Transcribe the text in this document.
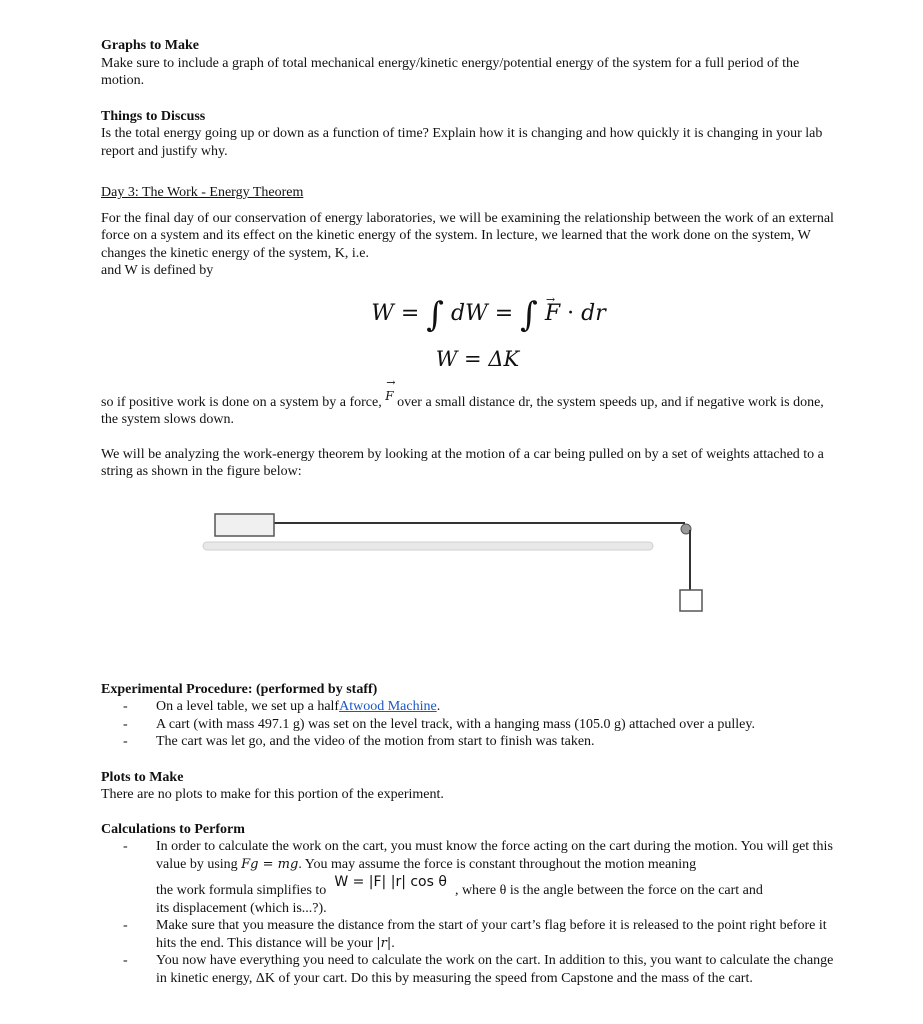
Graphs to Make

Make sure to include a graph of total mechanical energy/kinetic energy/potential energy of the system for a full period of the motion.

Things to Discuss

Is the total energy going up or down as a function of time? Explain how it is changing and how quickly it is changing in your lab report and justify why.

Day 3: The Work - Energy Theorem

For the final day of our conservation of energy laboratories, we will be examining the relationship between the work of an external force on a system and its effect on the kinetic energy of the system. In lecture, we learned that the work done on the system, W changes the kinetic energy of the system, K, i.e.

and W is defined by

W = ∫ dW = ∫ F → · dr
W = ΔK

so if positive work is done on a system by a force, F → over a small distance dr, the system speeds up, and if negative work is done, the system slows down.

We will be analyzing the work-energy theorem by looking at the motion of a car being pulled on by a set of weights attached to a string as shown in the figure below:

Experimental Procedure: (performed by staff)

- On a level table, we set up a halfAtwood Machine.
- A cart (with mass 497.1 g) was set on the level track, with a hanging mass (105.0 g) attached over a pulley.
- The cart was let go, and the video of the motion from start to finish was taken.

Plots to Make

There are no plots to make for this portion of the experiment.

Calculations to Perform

- In order to calculate the work on the cart, you must know the force acting on the cart during the motion. You will get this value by using Fg = mg. You may assume the force is constant throughout the motion meaning
the work formula simplifies to
W = |F| |r| cos θ
, where θ is the angle between the force on the cart and
its displacement (which is...?).
- Make sure that you measure the distance from the start of your cart’s flag before it is released to the point right before it hits the end. This distance will be your |r|.
- You now have everything you need to calculate the work on the cart. In addition to this, you want to calculate the change in kinetic energy, ΔK of your cart. Do this by measuring the speed from Capstone and the mass of the cart.
